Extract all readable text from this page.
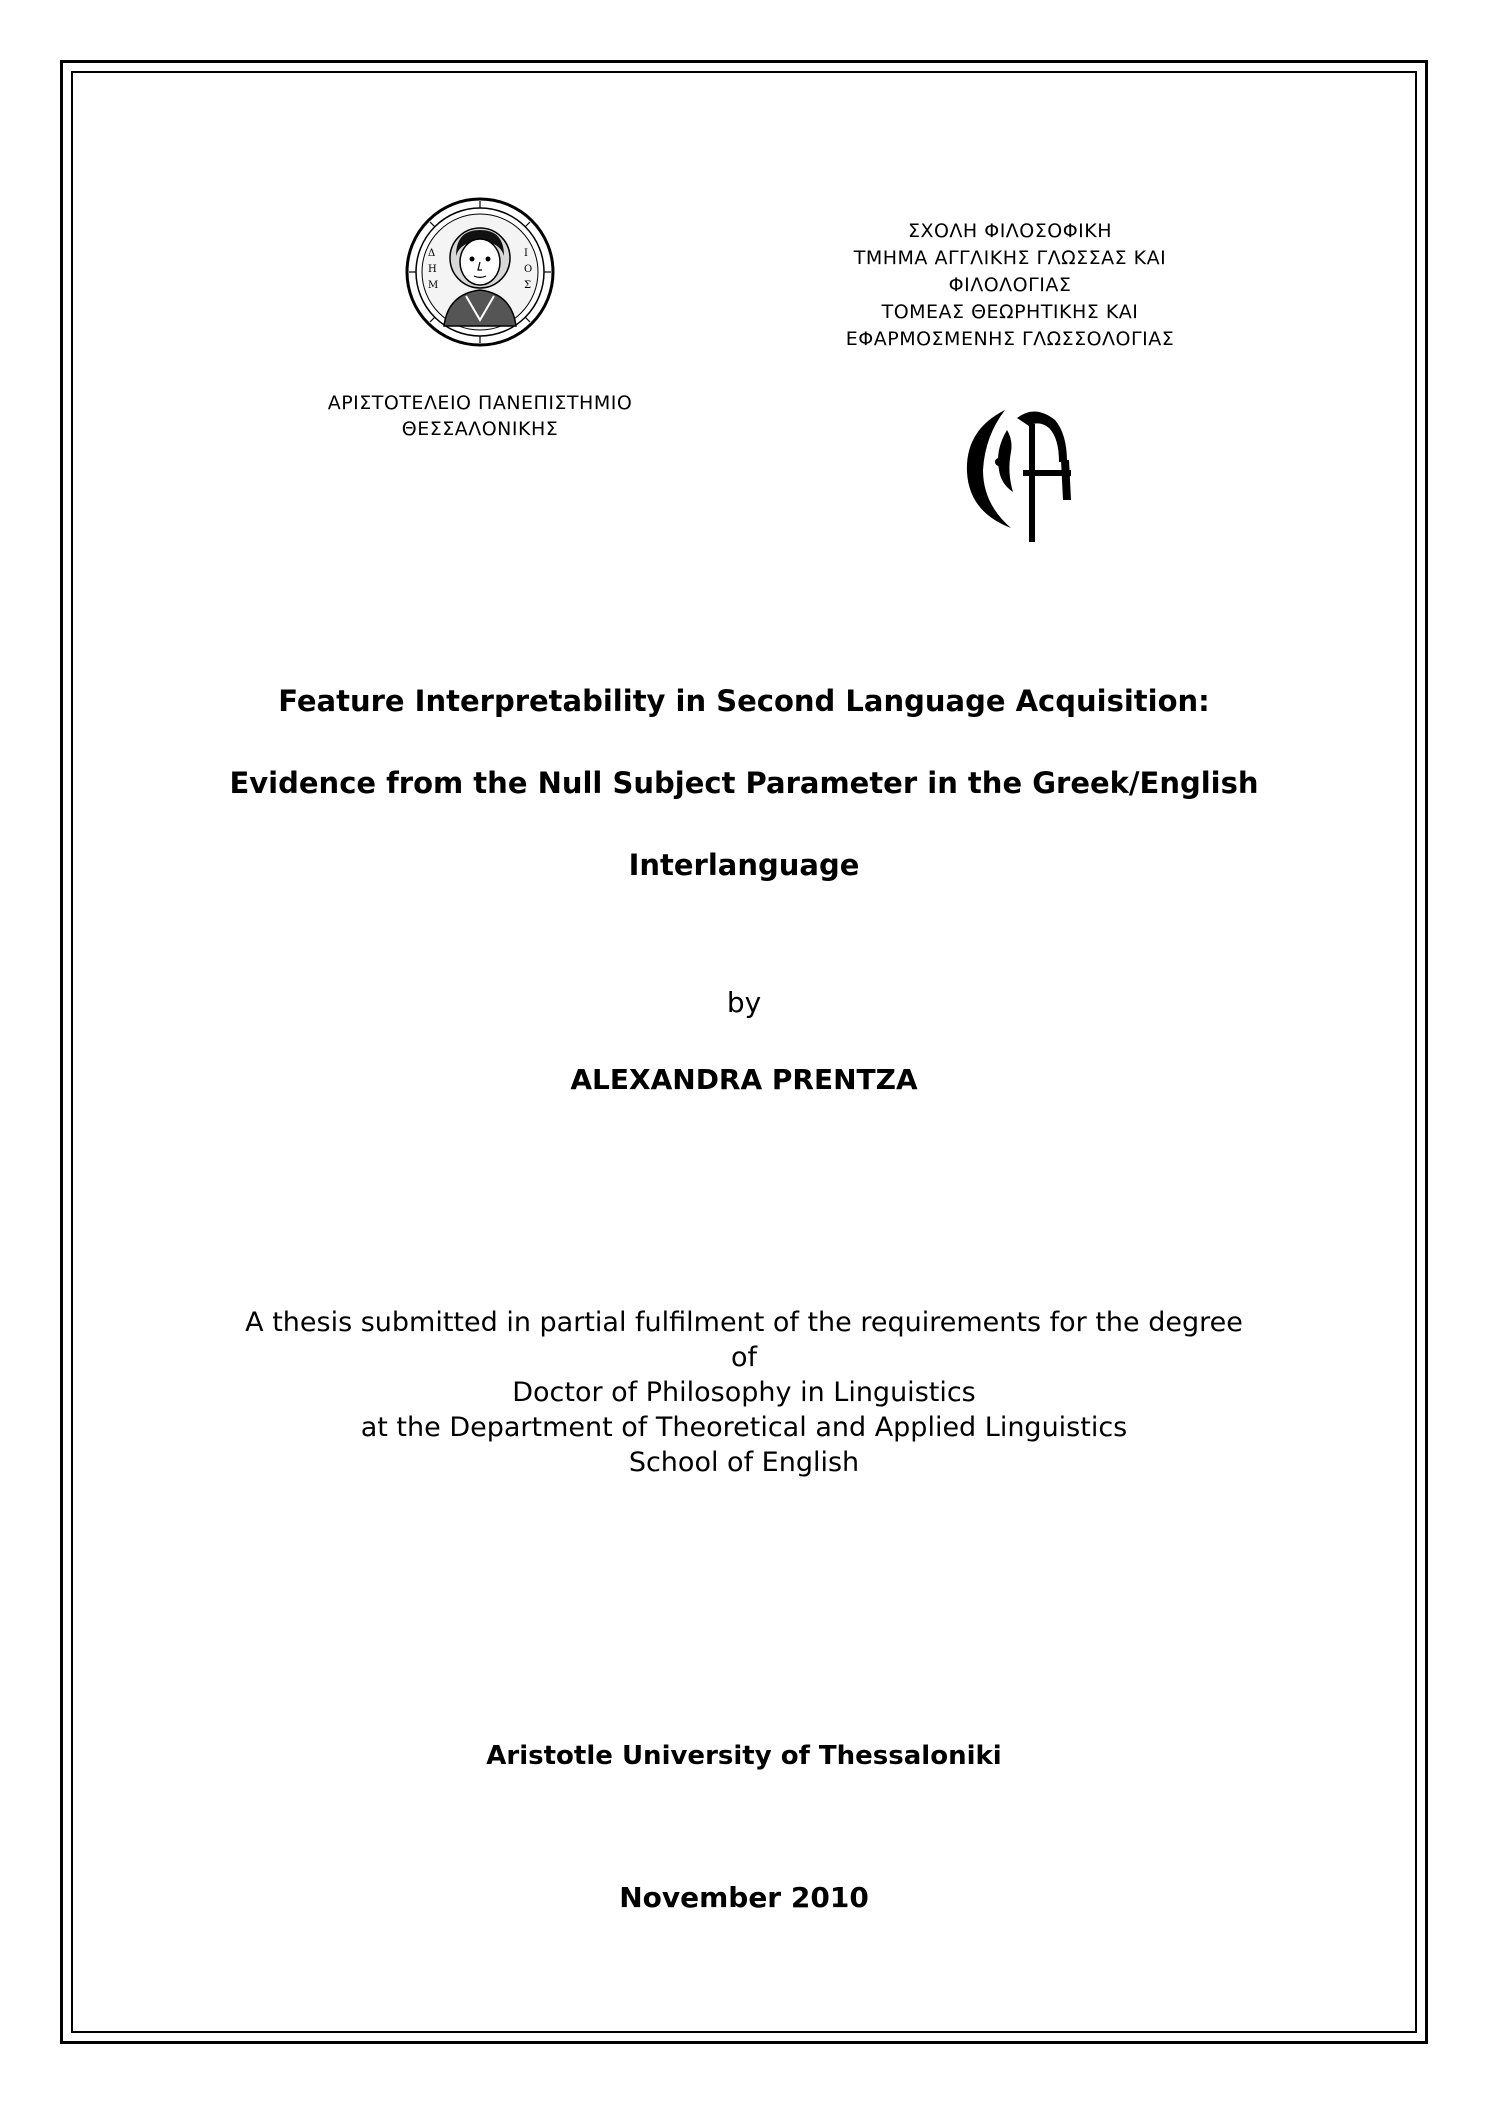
Δ
Η
Μ
Ι
Ο
Σ
ΑΡΙΣΤΟΤΕΛΕΙΟ ΠΑΝΕΠΙΣΤΗΜΙΟ
ΘΕΣΣΑΛΟΝΙΚΗΣ
ΣΧΟΛΗ ΦΙΛΟΣΟΦΙΚΗ
ΤΜΗΜΑ ΑΓΓΛΙΚΗΣ ΓΛΩΣΣΑΣ ΚΑΙ
ΦΙΛΟΛΟΓΙΑΣ
ΤΟΜΕΑΣ ΘΕΩΡΗΤΙΚΗΣ ΚΑΙ
ΕΦΑΡΜΟΣΜΕΝΗΣ ΓΛΩΣΣΟΛΟΓΙΑΣ
Feature Interpretability in Second Language Acquisition:
Evidence from the Null Subject Parameter in the Greek/English
Interlanguage
by
ALEXANDRA PRENTZA
A thesis submitted in partial fulfilment of the requirements for the degree
of
Doctor of Philosophy in Linguistics
at the Department of Theoretical and Applied Linguistics
School of English
Aristotle University of Thessaloniki
November 2010
